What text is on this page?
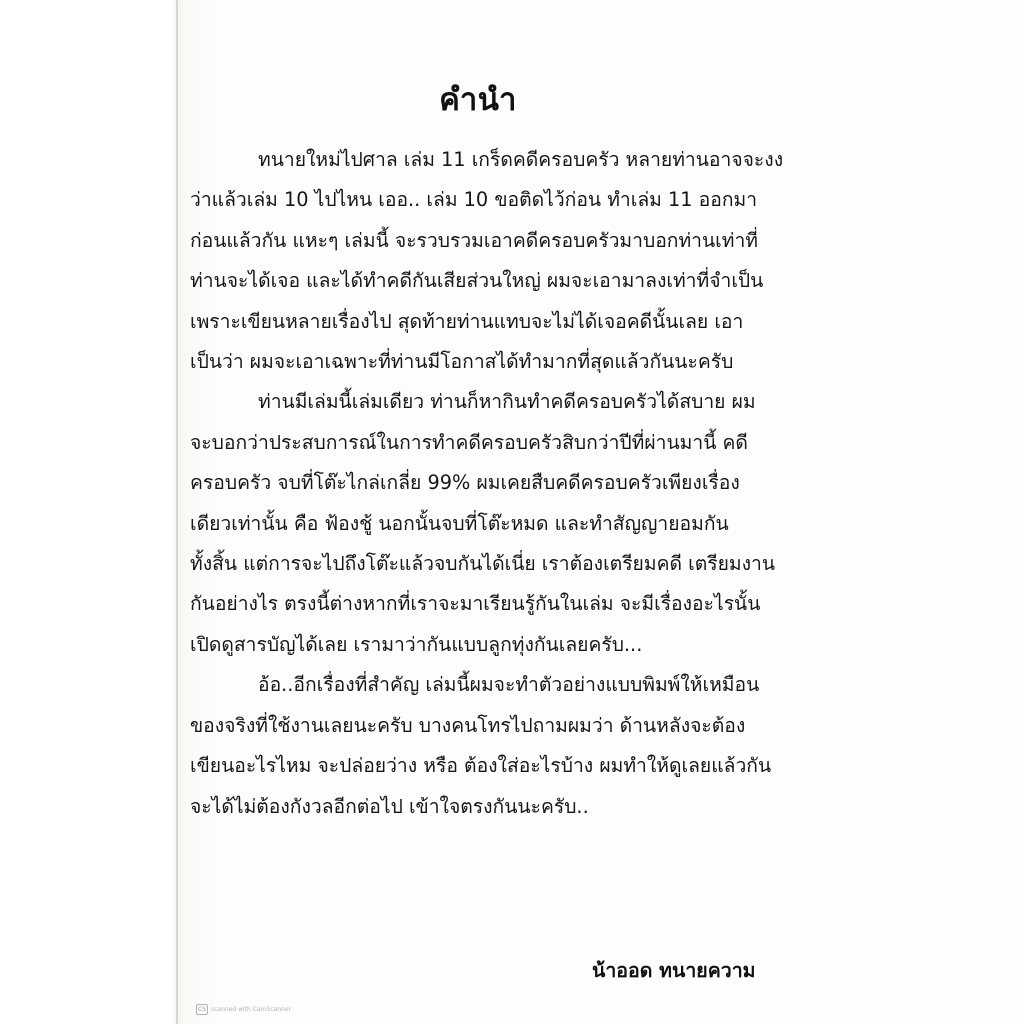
คำนำ
ทนายใหม่ไปศาล เล่ม 11 เกร็ดคดีครอบครัว หลายท่านอาจจะงง
ว่าแล้วเล่ม 10 ไปไหน เออ.. เล่ม 10 ขอติดไว้ก่อน ทำเล่ม 11 ออกมา
ก่อนแล้วกัน แหะๆ เล่มนี้ จะรวบรวมเอาคดีครอบครัวมาบอกท่านเท่าที่
ท่านจะได้เจอ และได้ทำคดีกันเสียส่วนใหญ่ ผมจะเอามาลงเท่าที่จำเป็น
เพราะเขียนหลายเรื่องไป สุดท้ายท่านแทบจะไม่ได้เจอคดีนั้นเลย เอา
เป็นว่า ผมจะเอาเฉพาะที่ท่านมีโอกาสได้ทำมากที่สุดแล้วกันนะครับ
ท่านมีเล่มนี้เล่มเดียว ท่านก็หากินทำคดีครอบครัวได้สบาย ผม
จะบอกว่าประสบการณ์ในการทำคดีครอบครัวสิบกว่าปีที่ผ่านมานี้ คดี
ครอบครัว จบที่โต๊ะไกล่เกลี่ย 99% ผมเคยสืบคดีครอบครัวเพียงเรื่อง
เดียวเท่านั้น คือ ฟ้องชู้ นอกนั้นจบที่โต๊ะหมด และทำสัญญายอมกัน
ทั้งสิ้น แต่การจะไปถึงโต๊ะแล้วจบกันได้เนี่ย เราต้องเตรียมคดี เตรียมงาน
กันอย่างไร ตรงนี้ต่างหากที่เราจะมาเรียนรู้กันในเล่ม จะมีเรื่องอะไรนั้น
เปิดดูสารบัญได้เลย เรามาว่ากันแบบลูกทุ่งกันเลยครับ...
อ้อ..อีกเรื่องที่สำคัญ เล่มนี้ผมจะทำตัวอย่างแบบพิมพ์ให้เหมือน
ของจริงที่ใช้งานเลยนะครับ บางคนโทรไปถามผมว่า ด้านหลังจะต้อง
เขียนอะไรไหม จะปล่อยว่าง หรือ ต้องใส่อะไรบ้าง ผมทำให้ดูเลยแล้วกัน
จะได้ไม่ต้องกังวลอีกต่อไป เข้าใจตรงกันนะครับ..
น้าออด ทนายความ
CS scanned with CamScanner
